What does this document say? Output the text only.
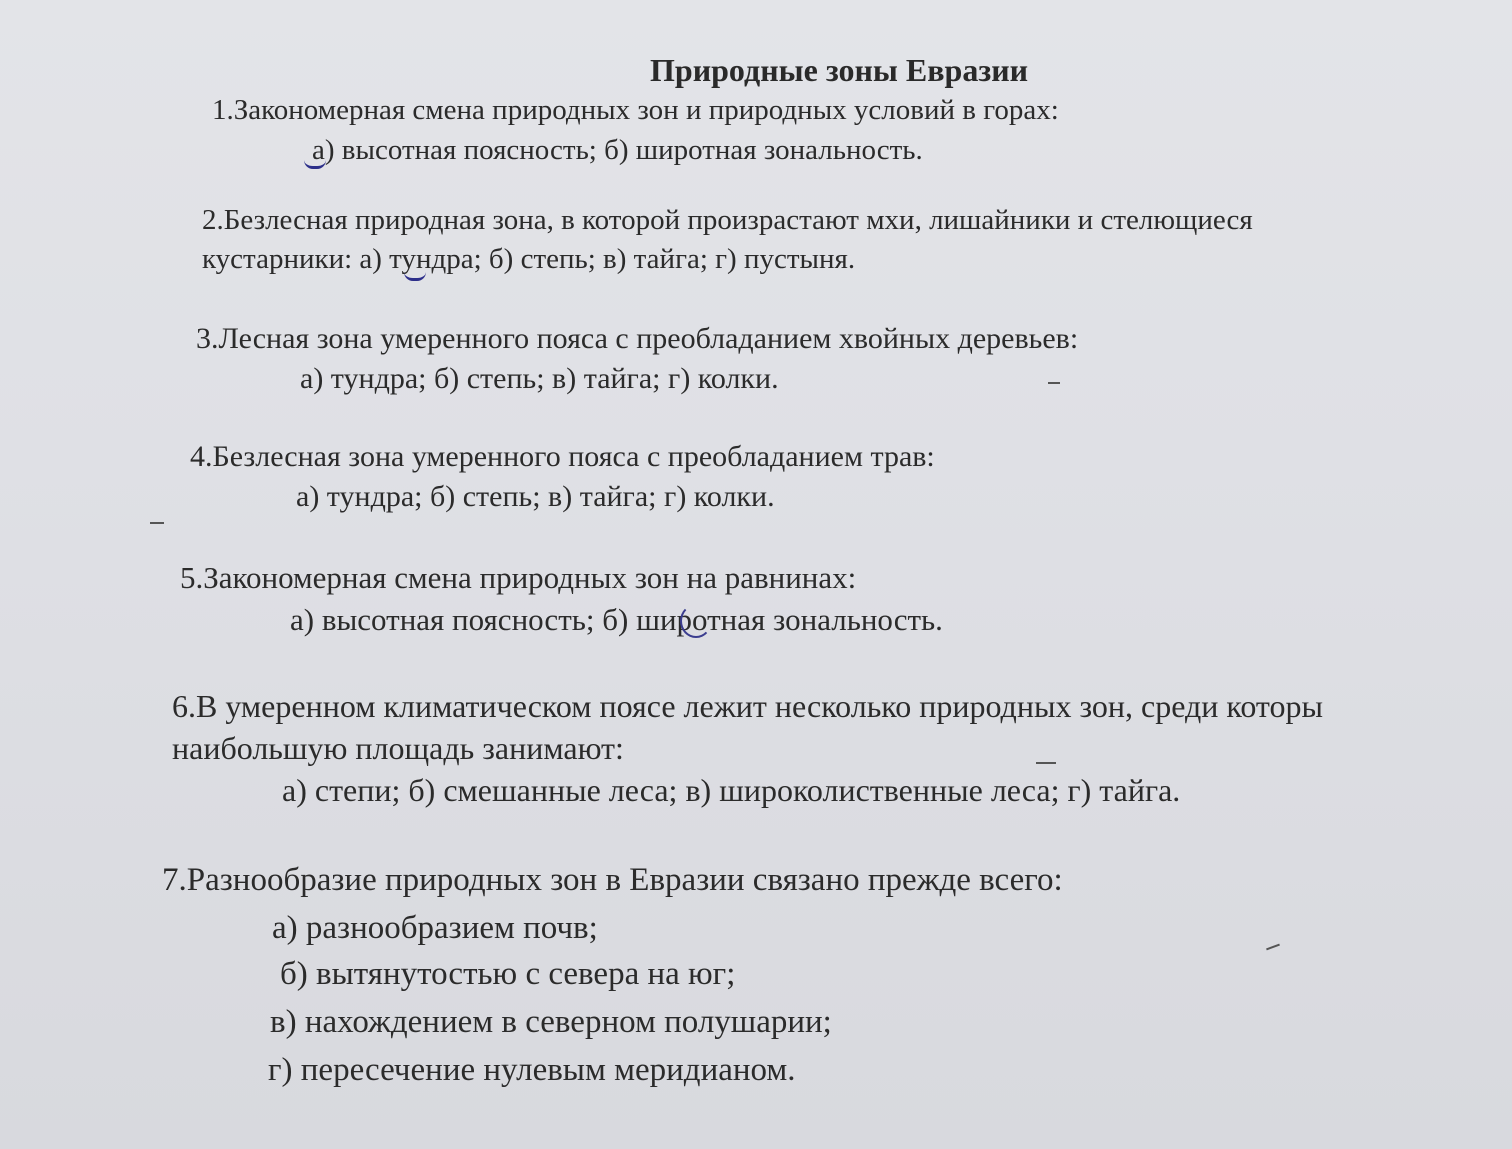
Природные зоны Евразии
1.Закономерная смена природных зон и природных условий в горах:
а) высотная поясность; б) широтная зональность.
2.Безлесная природная зона, в которой произрастают мхи, лишайники и стелющиеся
кустарники: а) тундра; б) степь; в) тайга; г) пустыня.
3.Лесная зона умеренного пояса с преобладанием хвойных деревьев:
а) тундра; б) степь; в) тайга; г) колки.
4.Безлесная зона умеренного пояса с преобладанием трав:
а) тундра; б) степь; в) тайга; г) колки.
5.Закономерная смена природных зон на равнинах:
а) высотная поясность; б) широтная зональность.
6.В умеренном климатическом поясе лежит несколько природных зон, среди которы
наибольшую площадь занимают:
а) степи; б) смешанные леса; в) широколиственные леса; г) тайга.
7.Разнообразие природных зон в Евразии связано прежде всего:
а) разнообразием почв;
б) вытянутостью с севера на юг;
в) нахождением в северном полушарии;
г) пересечение нулевым меридианом.
